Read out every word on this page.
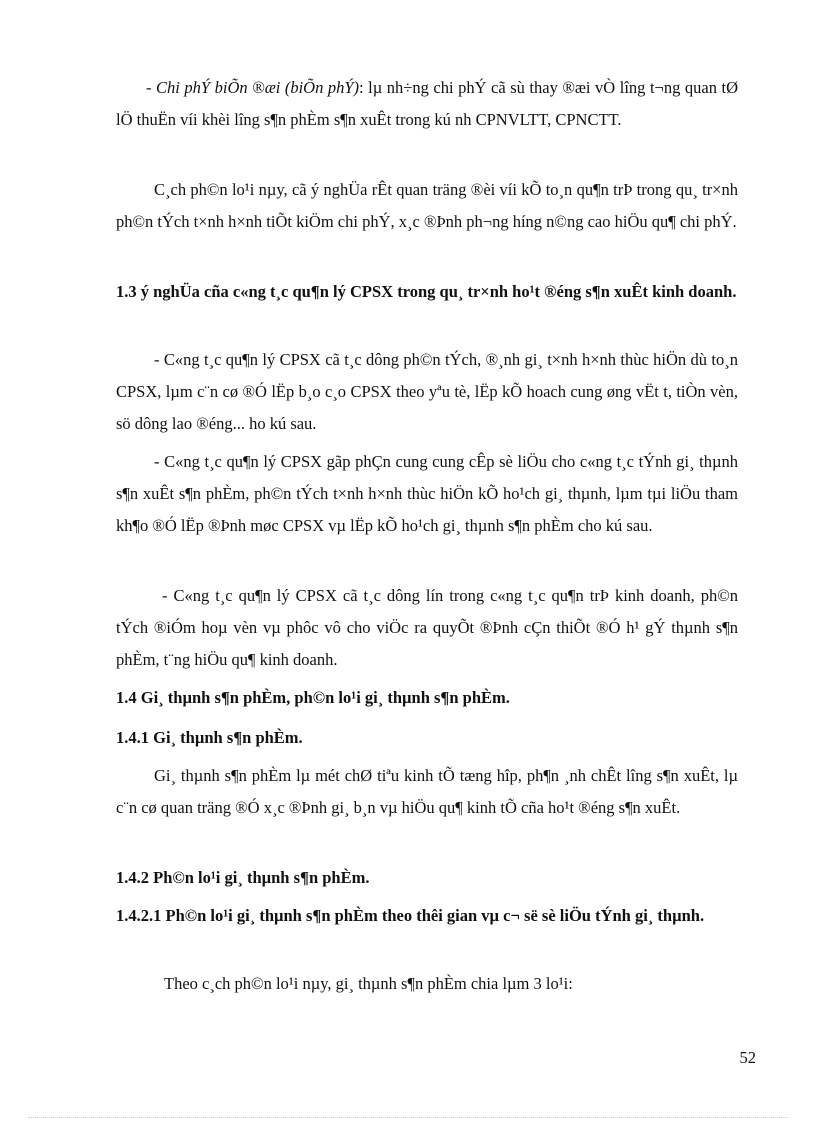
- Chi phÝ biÕn ®æi (biÕn phÝ): lµ nh÷ng chi phÝ cã sù thay ®æi vÒ lîng t¬ng quan tØ lÖ thuËn víi khèi lîng s¶n phÈm s¶n xuÊt trong kú nh CPNVLTT, CPNCTT.

C¸ch ph©n lo¹i nµy, cã ý nghÜa rÊt quan träng ®èi víi kÕ to¸n qu¶n trÞ trong qu¸ tr×nh ph©n tÝch t×nh h×nh tiÕt kiÖm chi phÝ, x¸c ®Þnh ph¬ng híng n©ng cao hiÖu qu¶ chi phÝ.

1.3 ý nghÜa cña c«ng t¸c qu¶n lý CPSX trong qu¸ tr×nh ho¹t ®éng s¶n xuÊt kinh doanh.

- C«ng t¸c qu¶n lý CPSX cã t¸c dông ph©n tÝch, ®¸nh gi¸ t×nh h×nh thùc hiÖn dù to¸n CPSX, lµm c¨n cø ®Ó lËp b¸o c¸o CPSX theo yªu tè, lËp kÕ hoach cung øng vËt t, tiÒn vèn, sö dông lao ®éng... ho kú sau.

- C«ng t¸c qu¶n lý CPSX gãp phÇn cung cung cÊp sè liÖu cho c«ng t¸c tÝnh gi¸ thµnh s¶n xuÊt s¶n phÈm, ph©n tÝch t×nh h×nh thùc hiÖn kÕ ho¹ch gi¸ thµnh, lµm tµi liÖu tham kh¶o ®Ó lËp ®Þnh møc CPSX vµ lËp kÕ ho¹ch gi¸ thµnh s¶n phÈm cho kú sau.

- C«ng t¸c qu¶n lý CPSX cã t¸c dông lín trong c«ng t¸c qu¶n trÞ kinh doanh, ph©n tÝch ®iÓm hoµ vèn vµ phôc vô cho viÖc ra quyÕt ®Þnh cÇn thiÕt ®Ó h¹ gÝ thµnh s¶n phÈm, t¨ng hiÖu qu¶ kinh doanh.

1.4 Gi¸ thµnh s¶n phÈm, ph©n lo¹i gi¸ thµnh s¶n phÈm.

1.4.1 Gi¸ thµnh s¶n phÈm.

Gi¸ thµnh s¶n phÈm lµ mét chØ tiªu kinh tÕ tæng hîp, ph¶n ¸nh chÊt lîng s¶n xuÊt, lµ c¨n cø quan träng ®Ó x¸c ®Þnh gi¸ b¸n vµ hiÖu qu¶ kinh tÕ cña ho¹t ®éng s¶n xuÊt.

1.4.2 Ph©n lo¹i gi¸ thµnh s¶n phÈm.

1.4.2.1 Ph©n lo¹i gi¸ thµnh s¶n phÈm theo thêi gian vµ c¬ së sè liÖu tÝnh gi¸ thµnh.

Theo c¸ch ph©n lo¹i nµy, gi¸ thµnh s¶n phÈm chia lµm 3 lo¹i:

52
